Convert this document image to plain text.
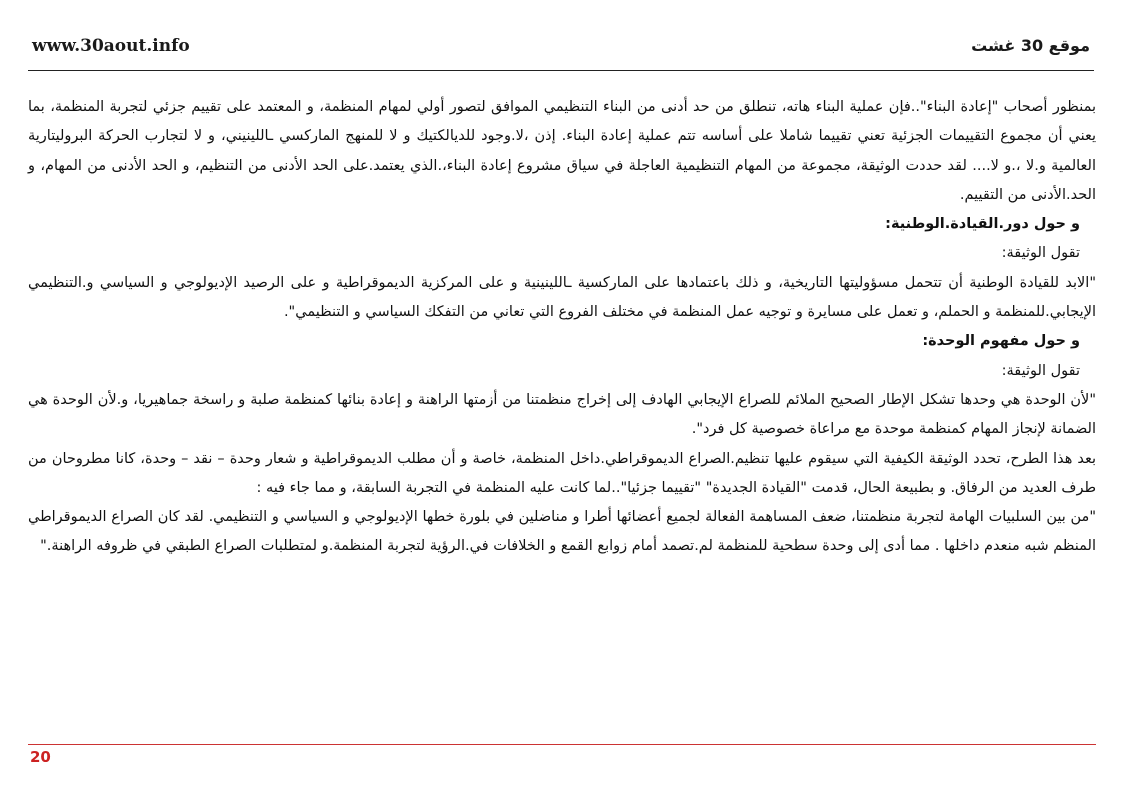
www.30aout.info	موقع 30 غشت

بمنظور أصحاب "إعادة البناء"..فإن عملية البناء هاته، تنطلق من حد أدنى من البناء التنظيمي الموافق لتصور أولي لمهام المنظمة، و المعتمد على تقييم جزئي لتجربة المنظمة، بما يعني أن مجموع التقييمات الجزئية تعني تقييما شاملا على أساسه تتم عملية إعادة البناء. إذن ،لا.وجود للديالكتيك و لا للمنهج الماركسي ـاللينيني، و لا لتجارب الحركة البروليتارية العالمية و.لا ،.و لا.... لقد حددت الوثيقة، مجموعة من المهام التنظيمية العاجلة في سياق مشروع إعادة البناء،.الذي يعتمد.على الحد الأدنى من التنظيم، و الحد الأدنى من المهام، و الحد.الأدنى من التقييم.

و حول دور.القيادة.الوطنية:

تقول الوثيقة:

"الابد للقيادة الوطنية أن تتحمل مسؤوليتها التاريخية، و ذلك باعتمادها على الماركسية ـاللينينية و على المركزية الديموقراطية و على الرصيد الإديولوجي و السياسي و.التنظيمي الإيجابي.للمنظمة و الحملم، و تعمل على مسايرة و توجيه عمل المنظمة في مختلف الفروع التي تعاني من التفكك السياسي و التنظيمي".

و حول مفهوم الوحدة:

تقول الوثيقة:

"لأن الوحدة هي وحدها تشكل الإطار الصحيح الملائم للصراع الإيجابي الهادف إلى إخراج منظمتنا من أزمتها الراهنة و إعادة بنائها كمنظمة صلبة و راسخة جماهيريا، و.لأن الوحدة هي الضمانة لإنجاز المهام كمنظمة موحدة مع مراعاة خصوصية كل فرد".

بعد هذا الطرح، تحدد الوثيقة الكيفية التي سيقوم عليها تنظيم.الصراع الديموقراطي.داخل المنظمة، خاصة و أن مطلب الديموقراطية و شعار وحدة – نقد – وحدة، كانا مطروحان من طرف العديد من الرفاق. و بطبيعة الحال، قدمت "القيادة الجديدة" "تقييما جزئيا"..لما كانت عليه المنظمة في التجربة السابقة، و مما جاء فيه :

"من بين السلبيات الهامة لتجربة منظمتنا، ضعف المساهمة الفعالة لجميع أعضائها أطرا و مناضلين في بلورة خطها الإديولوجي و السياسي و التنظيمي. لقد كان الصراع الديموقراطي المنظم شبه منعدم داخلها . مما أدى إلى وحدة سطحية للمنظمة لم.تصمد أمام زوابع القمع و الخلافات في.الرؤية لتجربة المنظمة.و لمتطلبات الصراع الطبقي في ظروفه الراهنة."

20
